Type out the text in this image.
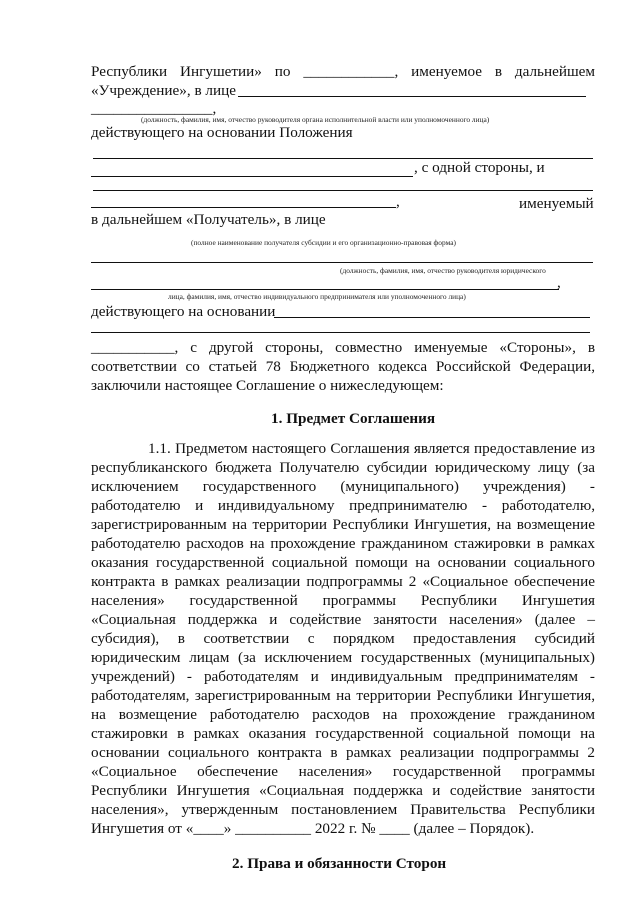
Республики Ингушетии» по ____________, именуемое в дальнейшем
«Учреждение», в лице
________________,
(должность, фамилия, имя, отчество руководителя органа исполнительной власти или уполномоченного лица)
действующего на основании Положения
, с одной стороны, и
,	именуемый
в дальнейшем «Получатель», в лице
(полное наименование получателя субсидии и его организационно-правовая форма)
(должность, фамилия, имя, отчество руководителя юридического
,
лица, фамилия, имя, отчество индивидуального предпринимателя или уполномоченного лица)
действующего на основании
___________, с другой стороны, совместно именуемые «Стороны», в
соответствии со статьей 78 Бюджетного кодекса Российской Федерации,
заключили настоящее Соглашение о нижеследующем:
1. Предмет Соглашения
1.1. Предметом настоящего Соглашения является предоставление из
республиканского бюджета Получателю субсидии юридическому лицу (за
исключением государственного (муниципального) учреждения) -
работодателю и индивидуальному предпринимателю - работодателю,
зарегистрированным на территории Республики Ингушетия, на возмещение
работодателю расходов на прохождение гражданином стажировки в рамках
оказания государственной социальной помощи на основании социального
контракта в рамках реализации подпрограммы 2 «Социальное обеспечение
населения» государственной программы Республики Ингушетия
«Социальная поддержка и содействие занятости населения» (далее –
субсидия), в соответствии с порядком предоставления субсидий
юридическим лицам (за исключением государственных (муниципальных)
учреждений) - работодателям и индивидуальным предпринимателям -
работодателям, зарегистрированным на территории Республики Ингушетия,
на возмещение работодателю расходов на прохождение гражданином
стажировки в рамках оказания государственной социальной помощи на
основании социального контракта в рамках реализации подпрограммы 2
«Социальное обеспечение населения» государственной программы
Республики Ингушетия «Социальная поддержка и содействие занятости
населения», утвержденным постановлением Правительства Республики
Ингушетия от «____» __________ 2022 г. № ____ (далее – Порядок).
2. Права и обязанности Сторон
